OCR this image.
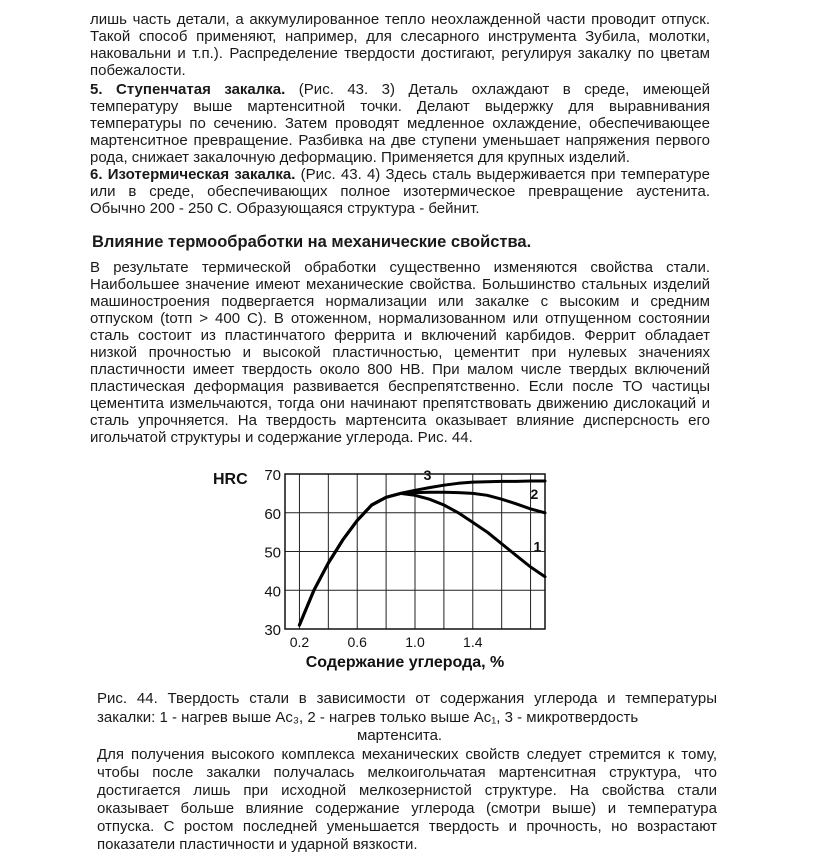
лишь часть детали, а аккумулированное тепло неохлажденной части проводит отпуск.
Такой способ применяют, например, для слесарного инструмента Зубила, молотки,
наковальни и т.п.). Распределение твердости достигают, регулируя закалку по цветам
побежалости.
5. Ступенчатая закалка. (Рис. 43. 3) Деталь охлаждают в среде, имеющей
температуру выше мартенситной точки. Делают выдержку для выравнивания
температуры по сечению. Затем проводят медленное охлаждение, обеспечивающее
мартенситное превращение. Разбивка на две ступени уменьшает напряжения первого
рода, снижает закалочную деформацию. Применяется для крупных изделий.
6. Изотермическая закалка. (Рис. 43. 4) Здесь сталь выдерживается при температуре
или в среде, обеспечивающих полное изотермическое превращение аустенита.
Обычно 200 - 250 С. Образующаяся структура - бейнит.
Влияние термообработки на механические свойства.
В результате термической обработки существенно изменяются свойства стали.
Наибольшее значение имеют механические свойства. Большинство стальных изделий
машиностроения подвергается нормализации или закалке с высоким и средним
отпуском (tотп > 400 С). В отоженном, нормализованном или отпущенном состоянии
сталь состоит из пластинчатого феррита и включений карбидов. Феррит обладает
низкой прочностью и высокой пластичностью, цементит при нулевых значениях
пластичности имеет твердость около 800 НВ. При малом числе твердых включений
пластическая деформация развивается беспрепятственно. Если после ТО частицы
цементита измельчаются, тогда они начинают препятствовать движению дислокаций и
сталь упрочняется. На твердость мартенсита оказывает влияние дисперсность его
игольчатой структуры и содержание углерода. Рис. 44.
30
40
50
60
70
0.2	0.6	1.0	1.4
HRC
Содержание углерода, %
1
2
3
Рис. 44. Твердость стали в зависимости от содержания углерода и температуры
закалки: 1 - нагрев выше Ac₃, 2 - нагрев только выше Ac₁, 3 - микротвердость
мартенсита.
Для получения высокого комплекса механических свойств следует стремится к тому,
чтобы после закалки получалась мелкоигольчатая мартенситная структура, что
достигается лишь при исходной мелкозернистой структуре. На свойства стали
оказывает больше влияние содержание углерода (смотри выше) и температура
отпуска. С ростом последней уменьшается твердость и прочность, но возрастают
показатели пластичности и ударной вязкости.
